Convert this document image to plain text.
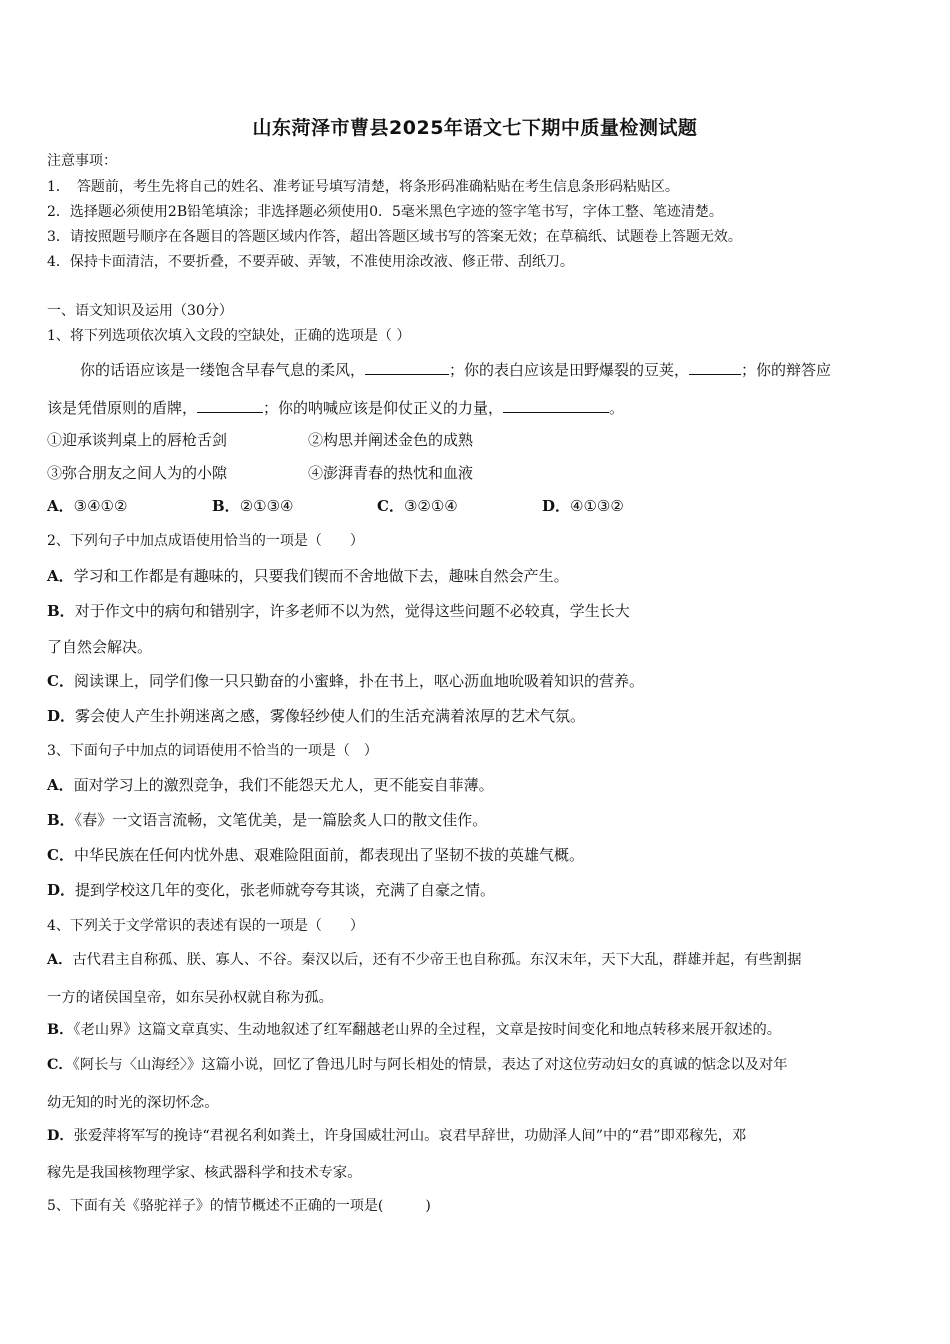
山东菏泽市曹县2025年语文七下期中质量检测试题
注意事项：
1．　答题前，考生先将自己的姓名、准考证号填写清楚，将条形码准确粘贴在考生信息条形码粘贴区。
2．选择题必须使用2B铅笔填涂；非选择题必须使用0．5毫米黑色字迹的签字笔书写，字体工整、笔迹清楚。
3．请按照题号顺序在各题目的答题区域内作答，超出答题区域书写的答案无效；在草稿纸、试题卷上答题无效。
4．保持卡面清洁，不要折叠，不要弄破、弄皱，不准使用涂改液、修正带、刮纸刀。
一、语文知识及运用（30分）
1、将下列选项依次填入文段的空缺处，正确的选项是（ ）
你的话语应该是一缕饱含早春气息的柔风，	；你的表白应该是田野爆裂的豆荚，	；你的辩答应
该是凭借原则的盾牌，	；你的呐喊应该是仰仗正义的力量，	。
①迎承谈判桌上的唇枪舌剑	②构思并阐述金色的成熟
③弥合朋友之间人为的小隙	④澎湃青春的热忱和血液
A．③④①②	B．②①③④	C．③②①④	D．④①③②
2、下列句子中加点成语使用恰当的一项是（　　）
A．学习和工作都是有趣味的，只要我们锲而不舍地做下去，趣味自然会产生。
B．对于作文中的病句和错别字，许多老师不以为然，觉得这些问题不必较真，学生长大
了自然会解决。
C．阅读课上，同学们像一只只勤奋的小蜜蜂，扑在书上，呕心沥血地吮吸着知识的营养。
D．雾会使人产生扑朔迷离之感，雾像轻纱使人们的生活充满着浓厚的艺术气氛。
3、下面句子中加点的词语使用不恰当的一项是（　）
A．面对学习上的激烈竞争，我们不能怨天尤人，更不能妄自菲薄。
B．《春》一文语言流畅，文笔优美，是一篇脍炙人口的散文佳作。
C．中华民族在任何内忧外患、艰难险阻面前，都表现出了坚韧不拔的英雄气概。
D．提到学校这几年的变化，张老师就夸夸其谈，充满了自豪之情。
4、下列关于文学常识的表述有误的一项是（　　）
A．古代君主自称孤、朕、寡人、不谷。秦汉以后，还有不少帝王也自称孤。东汉末年，天下大乱，群雄并起，有些割据
一方的诸侯国皇帝，如东吴孙权就自称为孤。
B．《老山界》这篇文章真实、生动地叙述了红军翻越老山界的全过程，文章是按时间变化和地点转移来展开叙述的。
C．《阿长与〈山海经〉》这篇小说，回忆了鲁迅儿时与阿长相处的情景，表达了对这位劳动妇女的真诚的惦念以及对年
幼无知的时光的深切怀念。
D．张爱萍将军写的挽诗“君视名利如粪土，许身国威壮河山。哀君早辞世，功勋泽人间”中的“君”即邓稼先，邓
稼先是我国核物理学家、核武器科学和技术专家。
5、下面有关《骆驼祥子》的情节概述不正确的一项是(　　　)
